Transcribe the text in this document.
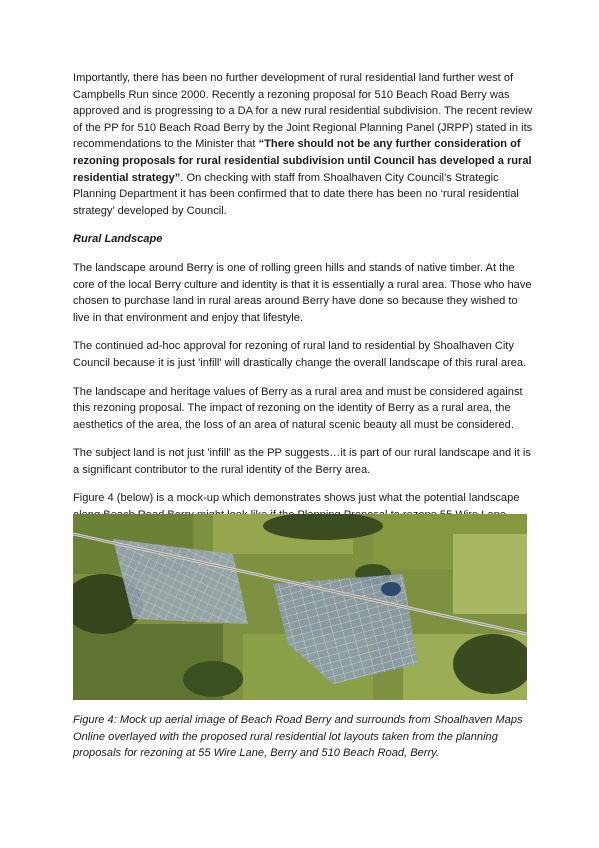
Importantly, there has been no further development of rural residential land further west of Campbells Run since 2000. Recently a rezoning proposal for 510 Beach Road Berry was approved and is progressing to a DA for a new rural residential subdivision. The recent review of the PP for 510 Beach Road Berry by the Joint Regional Planning Panel (JRPP) stated in its recommendations to the Minister that “There should not be any further consideration of rezoning proposals for rural residential subdivision until Council has developed a rural residential strategy”. On checking with staff from Shoalhaven City Council’s Strategic Planning Department it has been confirmed that to date there has been no ‘rural residential strategy’ developed by Council.

Rural Landscape

The landscape around Berry is one of rolling green hills and stands of native timber. At the core of the local Berry culture and identity is that it is essentially a rural area. Those who have chosen to purchase land in rural areas around Berry have done so because they wished to live in that environment and enjoy that lifestyle.

The continued ad-hoc approval for rezoning of rural land to residential by Shoalhaven City Council because it is just 'infill' will drastically change the overall landscape of this rural area.

The landscape and heritage values of Berry as a rural area and must be considered against this rezoning proposal. The impact of rezoning on the identity of Berry as a rural area, the aesthetics of the area, the loss of an area of natural scenic beauty all must be considered.

The subject land is not just 'infill' as the PP suggests…it is part of our rural landscape and it is a significant contributor to the rural identity of the Berry area.

Figure 4 (below) is a mock-up which demonstrates shows just what the potential landscape

Figure 4: Mock up aerial image of Beach Road Berry and surrounds from Shoalhaven Maps Online overlayed with the proposed rural residential lot layouts taken from the planning proposals for rezoning at 55 Wire Lane, Berry and 510 Beach Road, Berry.
